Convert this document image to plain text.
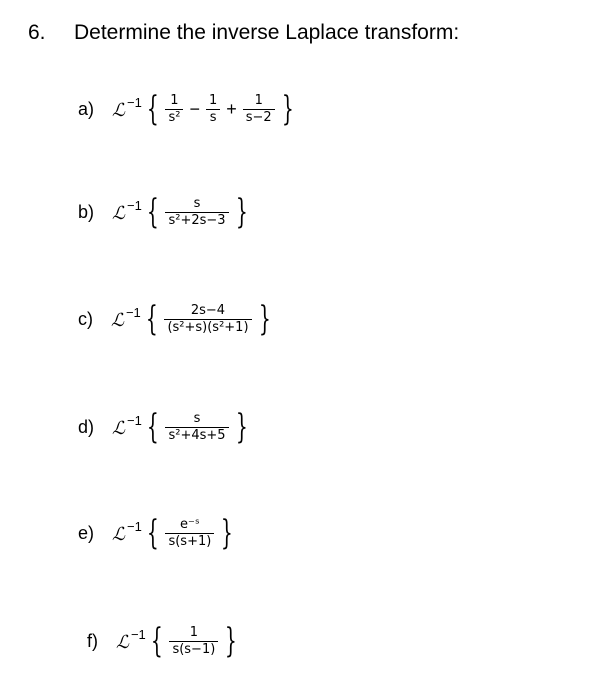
6. Determine the inverse Laplace transform:
a) ℒ $^{-1}$ { $\frac{1}{\text{s²}} - \frac{1}{s} + \frac{1}{s-2}$ }
b) ℒ $^{-1}$ { $\frac{s}{\text{s²+2s−3}}$ }
c) ℒ $^{-1}$ { $\frac{2s-4}{\text{(s²+s)(s²+1)}}$ }
d) ℒ $^{-1}$ { $\frac{s}{\text{s²+4s+5}}$ }
e) ℒ $^{-1}$ { $\frac{\text{e⁻ˢ}}{s(s+1)}$ }
f) ℒ $^{-1}$ { $\frac{1}{s(s-1)}$ }
